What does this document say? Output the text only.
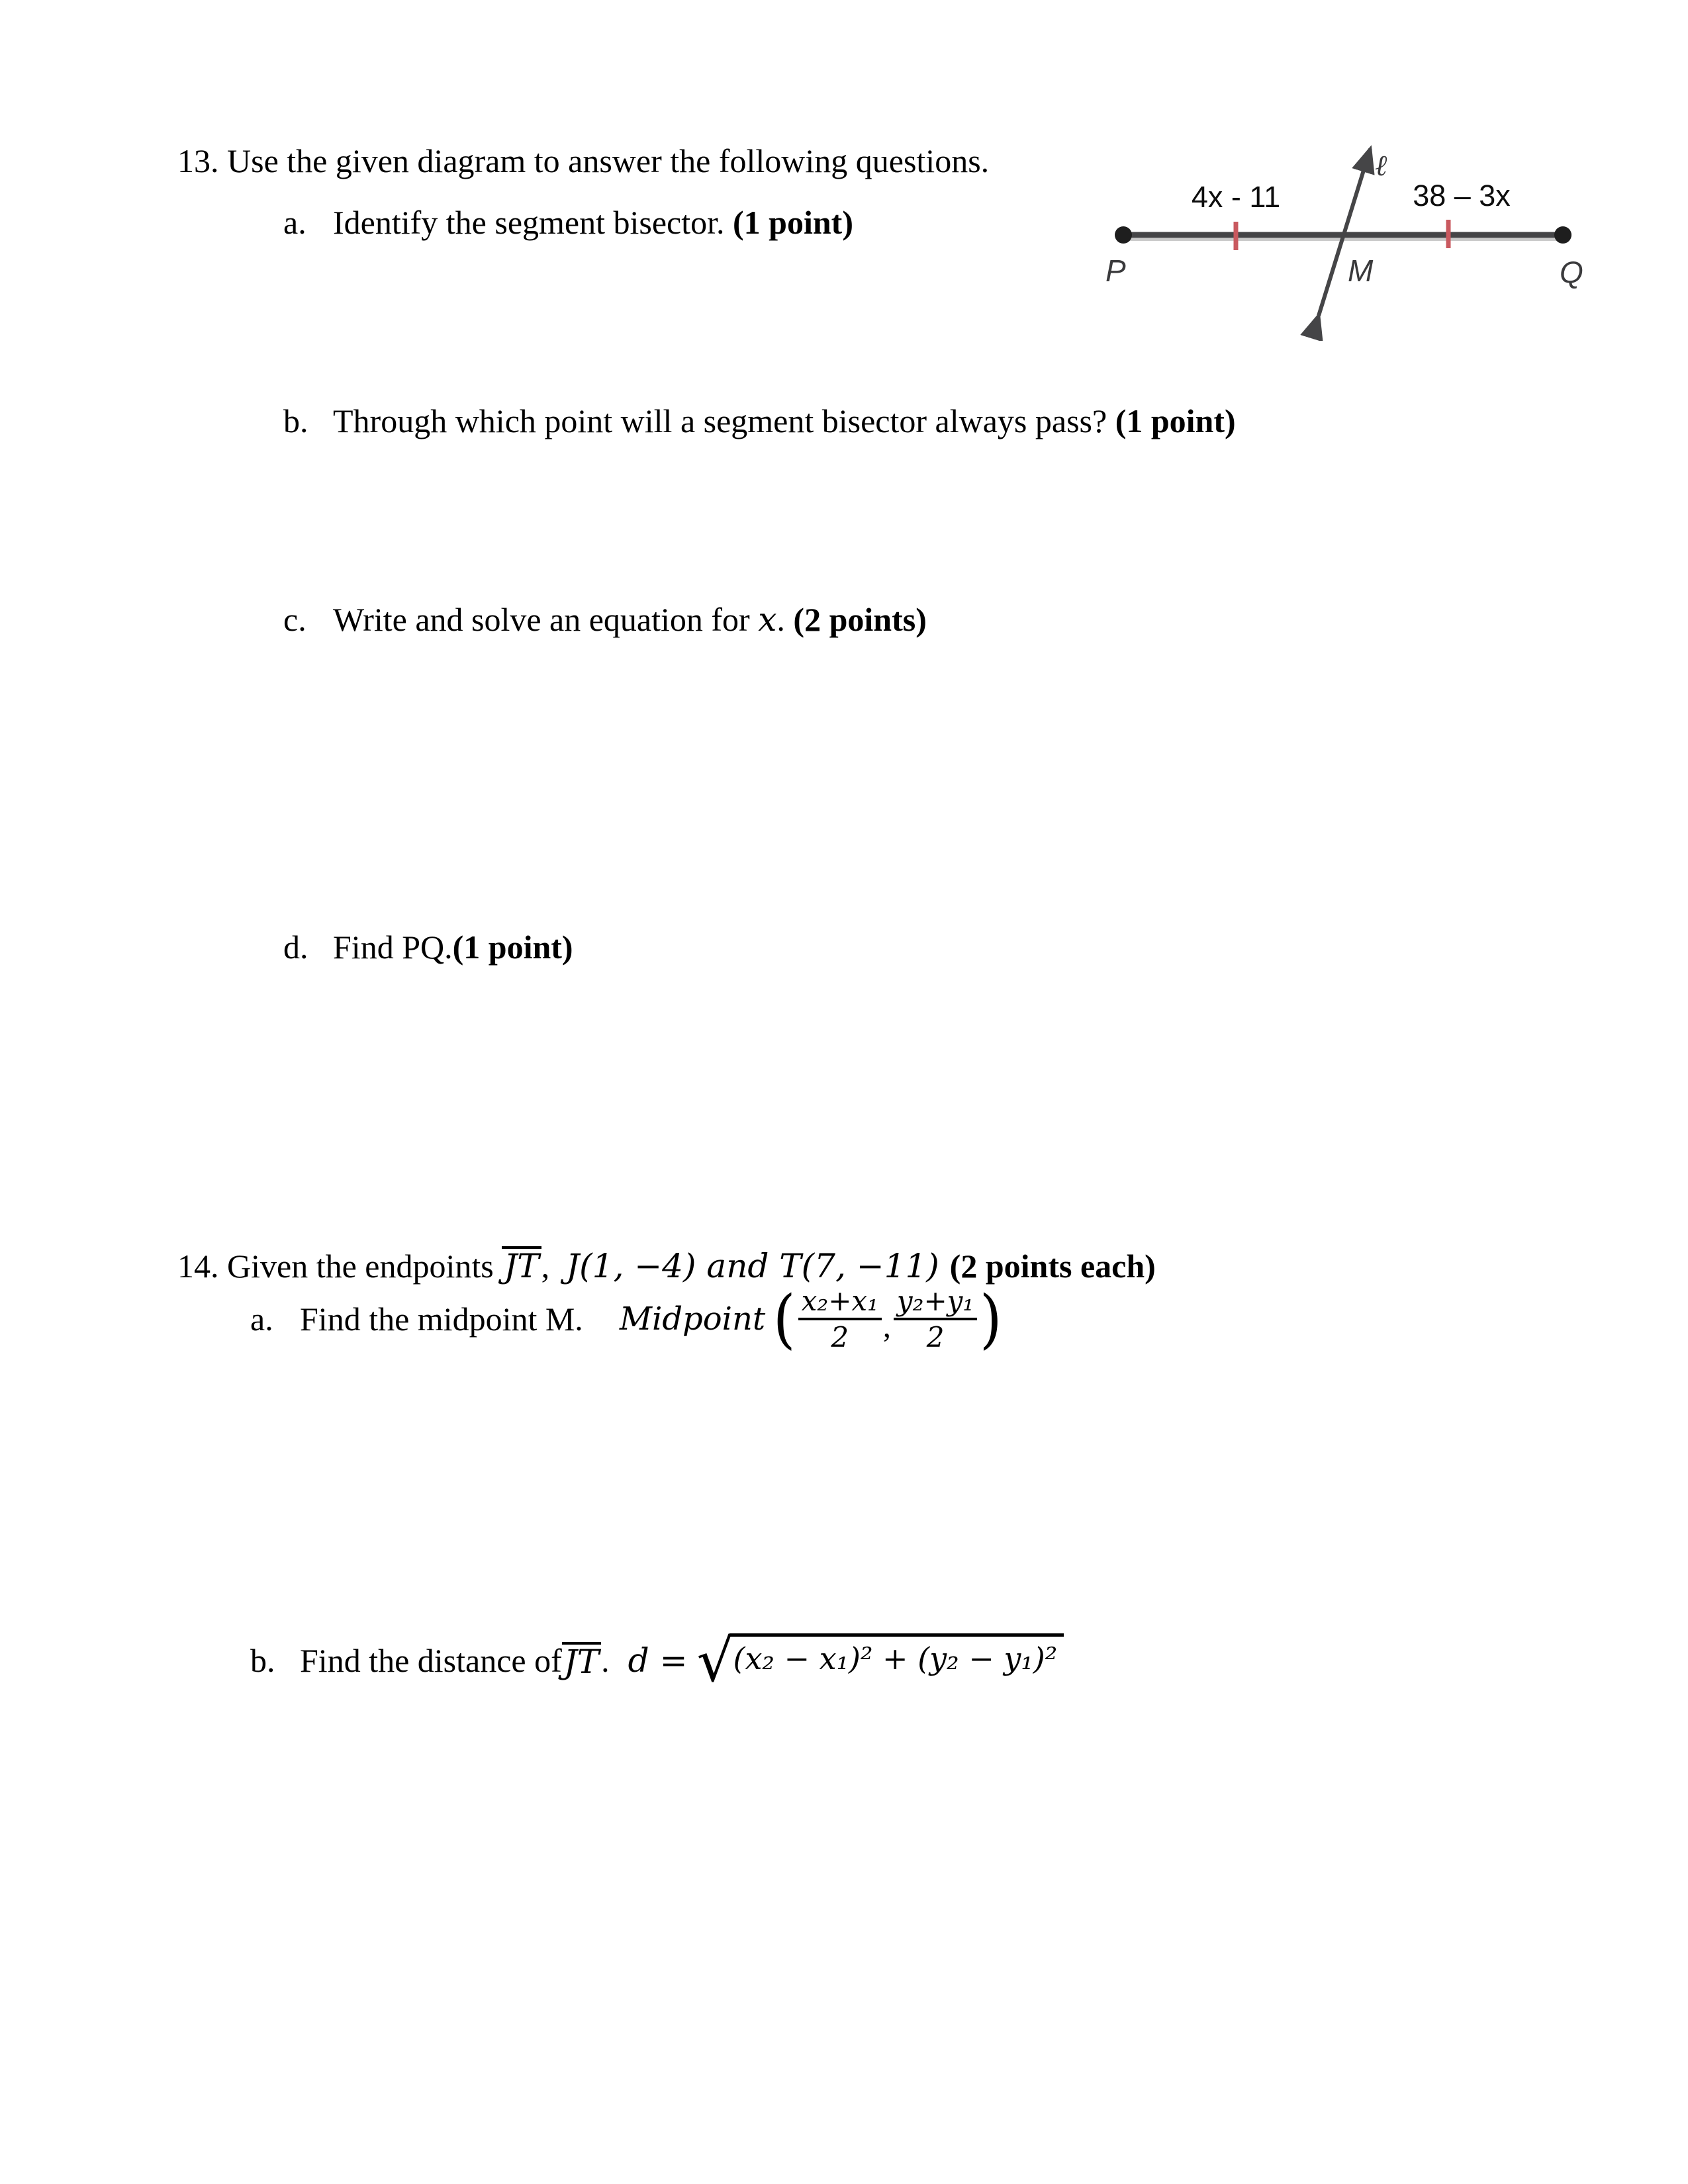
13. Use the given diagram to answer the following questions.

a. Identify the segment bisector. (1 point)

4x - 11	38 – 3x
ℓ
P	M	Q

b. Through which point will a segment bisector always pass? (1 point)

c. Write and solve an equation for x. (2 points)

d. Find PQ.(1 point)

14. Given the endpoints JT,  J(1, −4) and T(7, −11) (2 points each)

a. Find the midpoint M. Midpoint ( $\frac{\text{x₂+x₁}}{2}$ , $\frac{\text{y₂+y₁}}{2}$ )
b. Find the distance of JT . d = √ (x₂ − x₁)² + (y₂ − y₁)²
